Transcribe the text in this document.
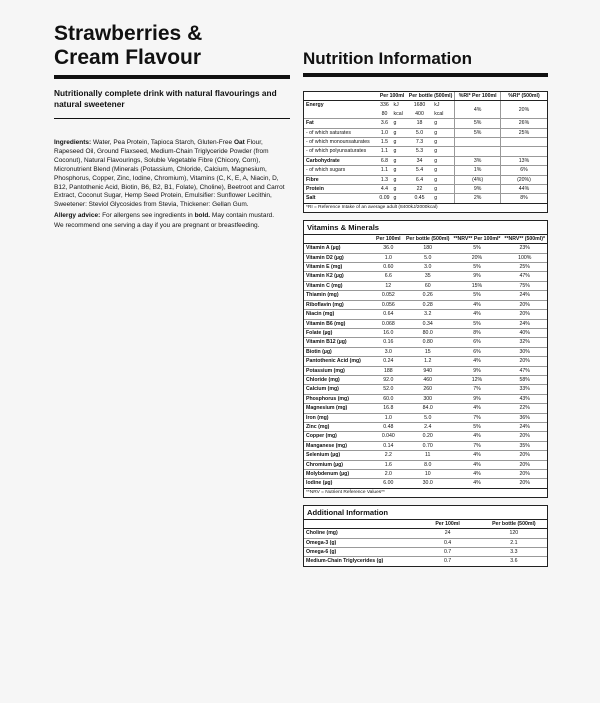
Strawberries &
Cream Flavour
Nutritionally complete drink with natural flavourings and natural sweetener
Ingredients: Water, Pea Protein, Tapioca Starch, Gluten-Free Oat Flour, Rapeseed Oil, Ground Flaxseed, Medium-Chain Triglyceride Powder (from Coconut), Natural Flavourings, Soluble Vegetable Fibre (Chicory, Corn), Micronutrient Blend (Minerals (Potassium, Chloride, Calcium, Magnesium, Phosphorus, Copper, Zinc, Iodine, Chromium), Vitamins (C, K, E, A, Niacin, D, B12, Pantothenic Acid, Biotin, B6, B2, B1, Folate), Choline), Beetroot and Carrot Extract, Coconut Sugar, Hemp Seed Protein, Emulsifier: Sunflower Lecithin, Sweetener: Steviol Glycosides from Stevia, Thickener: Gellan Gum.
Allergy advice: For allergens see ingredients in bold. May contain mustard.
We recommend one serving a day if you are pregnant or breastfeeding.
Nutrition Information
	Per 100ml		Per bottle (500ml)		%RI* Per 100ml	%RI* (500ml)
Energy	336	kJ	1680	kJ	4%	20%
	80	kcal	400	kcal		
Fat	3.6	g	18	g	5%	26%
- of which saturates	1.0	g	5.0	g	5%	25%
- of which monounsaturates	1.5	g	7.3	g		
- of which polyunsaturates	1.1	g	5.3	g		
Carbohydrate	6.8	g	34	g	3%	13%
- of which sugars	1.1	g	5.4	g	1%	6%
Fibre	1.3	g	6.4	g	(4%)	(20%)
Protein	4.4	g	22	g	9%	44%
Salt	0.09	g	0.45	g	2%	8%
*RI = Reference Intake of an average adult (8400kJ/2000kcal)
Vitamins & Minerals
	Per 100ml	Per bottle (500ml)	**NRV** Per 100ml*	**NRV** (500ml)*
Vitamin A (µg)	36.0	180	5%	23%
Vitamin D2 (µg)	1.0	5.0	20%	100%
Vitamin E (mg)	0.60	3.0	5%	25%
Vitamin K2 (µg)	6.6	35	9%	47%
Vitamin C (mg)	12	60	15%	75%
Thiamin (mg)	0.052	0.26	5%	24%
Riboflavin (mg)	0.056	0.28	4%	20%
Niacin (mg)	0.64	3.2	4%	20%
Vitamin B6 (mg)	0.068	0.34	5%	24%
Folate (µg)	16.0	80.0	8%	40%
Vitamin B12 (µg)	0.16	0.80	6%	32%
Biotin (µg)	3.0	15	6%	30%
Pantothenic Acid (mg)	0.24	1.2	4%	20%
Potassium (mg)	188	940	9%	47%
Chloride (mg)	92.0	460	12%	58%
Calcium (mg)	52.0	260	7%	33%
Phosphorus (mg)	60.0	300	9%	43%
Magnesium (mg)	16.8	84.0	4%	22%
Iron (mg)	1.0	5.0	7%	36%
Zinc (mg)	0.48	2.4	5%	24%
Copper (mg)	0.040	0.20	4%	20%
Manganese (mg)	0.14	0.70	7%	35%
Selenium (µg)	2.2	11	4%	20%
Chromium (µg)	1.6	8.0	4%	20%
Molybdenum (µg)	2.0	10	4%	20%
Iodine (µg)	6.00	30.0	4%	20%
**NRV = Nutrient Reference Values**
Additional Information
	Per 100ml	Per bottle (500ml)
Choline (mg)	24	120
Omega-3 (g)	0.4	2.1
Omega-6 (g)	0.7	3.3
Medium-Chain Triglycerides (g)	0.7	3.6
